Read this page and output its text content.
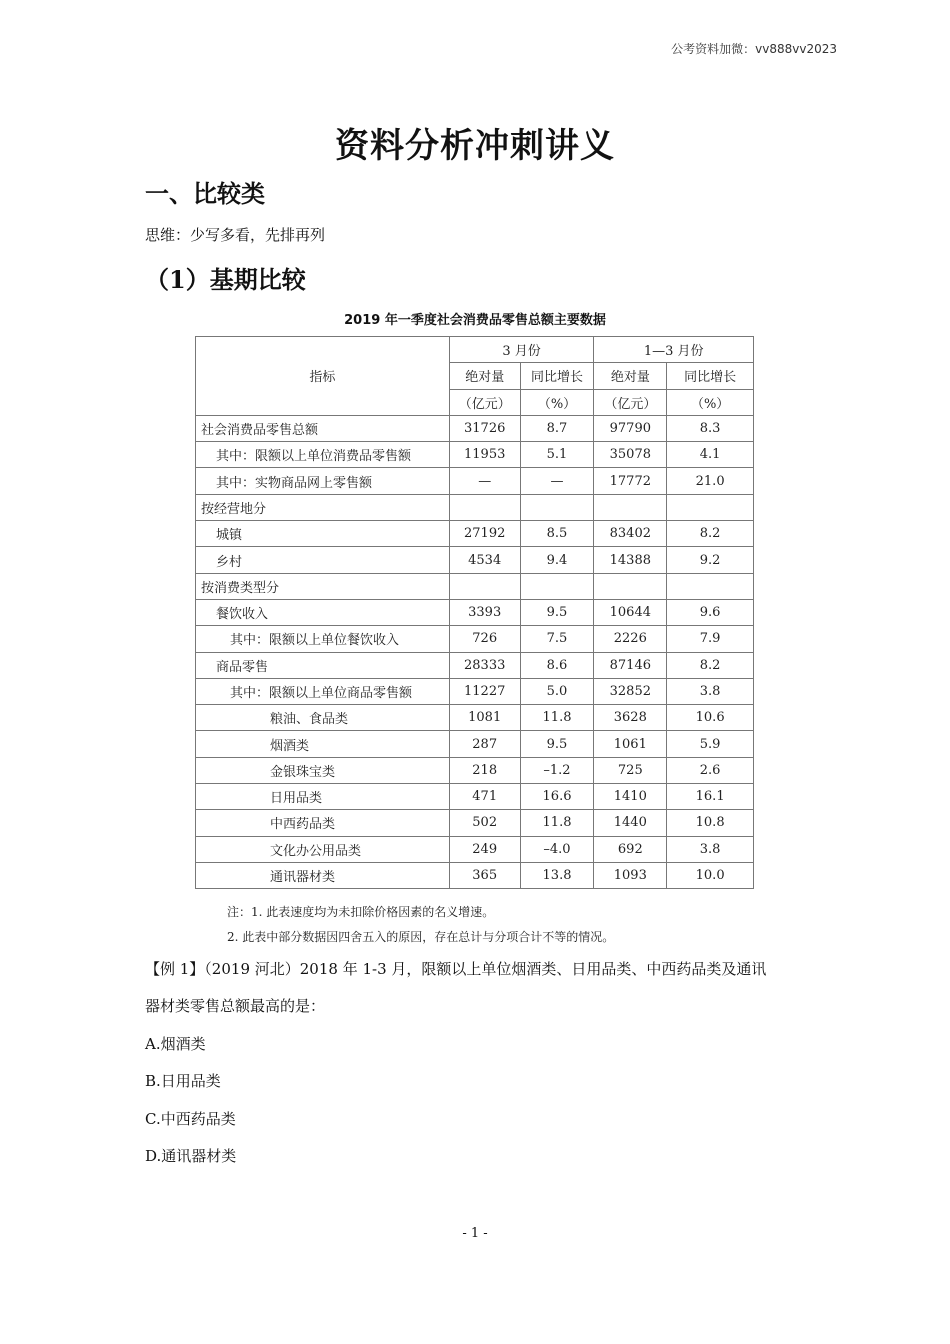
公考资料加微：vv888vv2023
资料分析冲刺讲义
一、比较类
思维：少写多看，先排再列
（1）基期比较
2019 年一季度社会消费品零售总额主要数据
指标	3 月份		1—3 月份	
	绝对量	同比增长	绝对量	同比增长
	（亿元）	（%）	（亿元）	（%）
社会消费品零售总额	31726	8.7	97790	8.3
其中：限额以上单位消费品零售额	11953	5.1	35078	4.1
其中：实物商品网上零售额	—	—	17772	21.0
按经营地分				
城镇	27192	8.5	83402	8.2
乡村	4534	9.4	14388	9.2
按消费类型分				
餐饮收入	3393	9.5	10644	9.6
其中：限额以上单位餐饮收入	726	7.5	2226	7.9
商品零售	28333	8.6	87146	8.2
其中：限额以上单位商品零售额	11227	5.0	32852	3.8
粮油、食品类	1081	11.8	3628	10.6
烟酒类	287	9.5	1061	5.9
金银珠宝类	218	–1.2	725	2.6
日用品类	471	16.6	1410	16.1
中西药品类	502	11.8	1440	10.8
文化办公用品类	249	–4.0	692	3.8
通讯器材类	365	13.8	1093	10.0
注：1. 此表速度均为未扣除价格因素的名义增速。
2. 此表中部分数据因四舍五入的原因，存在总计与分项合计不等的情况。
【例 1】（2019 河北）2018 年 1-3 月，限额以上单位烟酒类、日用品类、中西药品类及通讯
器材类零售总额最高的是：
A.烟酒类
B.日用品类
C.中西药品类
D.通讯器材类
- 1 -
